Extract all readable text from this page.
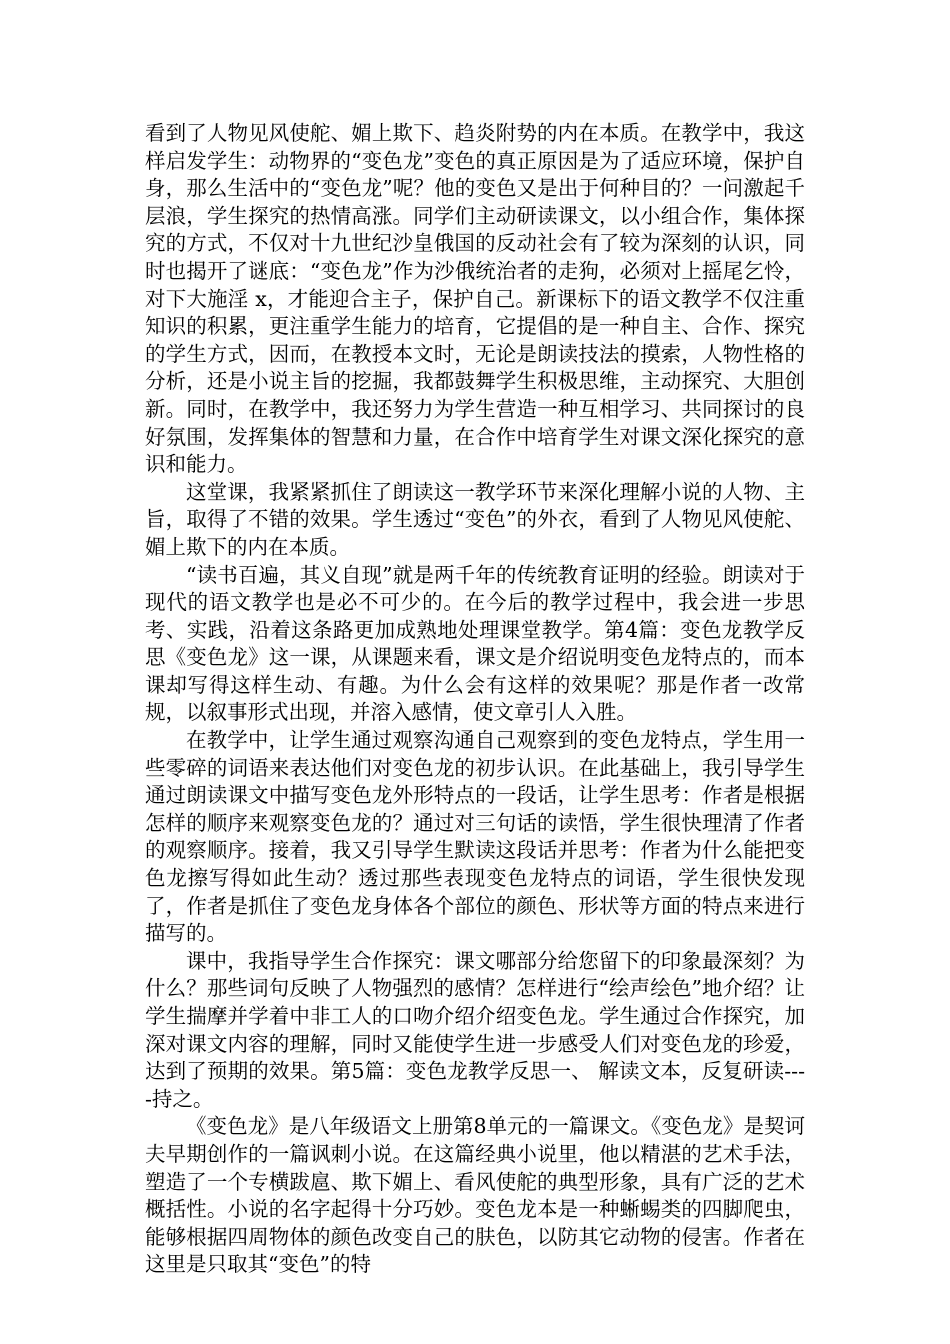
看到了人物见风使舵、媚上欺下、趋炎附势的内在本质。在教学中，我这样启发学生：动物界的“变色龙”变色的真正原因是为了适应环境，保护自身，那么生活中的“变色龙”呢？他的变色又是出于何种目的？一问激起千层浪，学生探究的热情高涨。同学们主动研读课文，以小组合作，集体探究的方式，不仅对十九世纪沙皇俄国的反动社会有了较为深刻的认识，同时也揭开了谜底：“变色龙”作为沙俄统治者的走狗，必须对上摇尾乞怜，对下大施淫 x，才能迎合主子，保护自己。新课标下的语文教学不仅注重知识的积累，更注重学生能力的培育，它提倡的是一种自主、合作、探究的学生方式，因而，在教授本文时，无论是朗读技法的摸索，人物性格的分析，还是小说主旨的挖掘，我都鼓舞学生积极思维，主动探究、大胆创新。同时，在教学中，我还努力为学生营造一种互相学习、共同探讨的良好氛围，发挥集体的智慧和力量，在合作中培育学生对课文深化探究的意识和能力。

这堂课，我紧紧抓住了朗读这一教学环节来深化理解小说的人物、主旨，取得了不错的效果。学生透过“变色”的外衣，看到了人物见风使舵、媚上欺下的内在本质。

“读书百遍，其义自现”就是两千年的传统教育证明的经验。朗读对于现代的语文教学也是必不可少的。在今后的教学过程中，我会进一步思考、实践，沿着这条路更加成熟地处理课堂教学。第4篇：变色龙教学反思《变色龙》这一课，从课题来看，课文是介绍说明变色龙特点的，而本课却写得这样生动、有趣。为什么会有这样的效果呢？那是作者一改常规，以叙事形式出现，并溶入感情，使文章引人入胜。

在教学中，让学生通过观察沟通自己观察到的变色龙特点，学生用一些零碎的词语来表达他们对变色龙的初步认识。在此基础上，我引导学生通过朗读课文中描写变色龙外形特点的一段话，让学生思考：作者是根据怎样的顺序来观察变色龙的？通过对三句话的读悟，学生很快理清了作者的观察顺序。接着，我又引导学生默读这段话并思考：作者为什么能把变色龙擦写得如此生动？透过那些表现变色龙特点的词语，学生很快发现了，作者是抓住了变色龙身体各个部位的颜色、形状等方面的特点来进行描写的。

课中，我指导学生合作探究：课文哪部分给您留下的印象最深刻？为什么？那些词句反映了人物强烈的感情？怎样进行“绘声绘色”地介绍？让学生揣摩并学着中非工人的口吻介绍介绍变色龙。学生通过合作探究，加深对课文内容的理解，同时又能使学生进一步感受人们对变色龙的珍爱，达到了预期的效果。第5篇：变色龙教学反思一、 解读文本，反复研读----持之。

《变色龙》是八年级语文上册第8单元的一篇课文。《变色龙》是契诃夫早期创作的一篇讽刺小说。在这篇经典小说里，他以精湛的艺术手法，塑造了一个专横跋扈、欺下媚上、看风使舵的典型形象，具有广泛的艺术概括性。小说的名字起得十分巧妙。变色龙本是一种蜥蜴类的四脚爬虫，能够根据四周物体的颜色改变自己的肤色，以防其它动物的侵害。作者在这里是只取其“变色”的特
